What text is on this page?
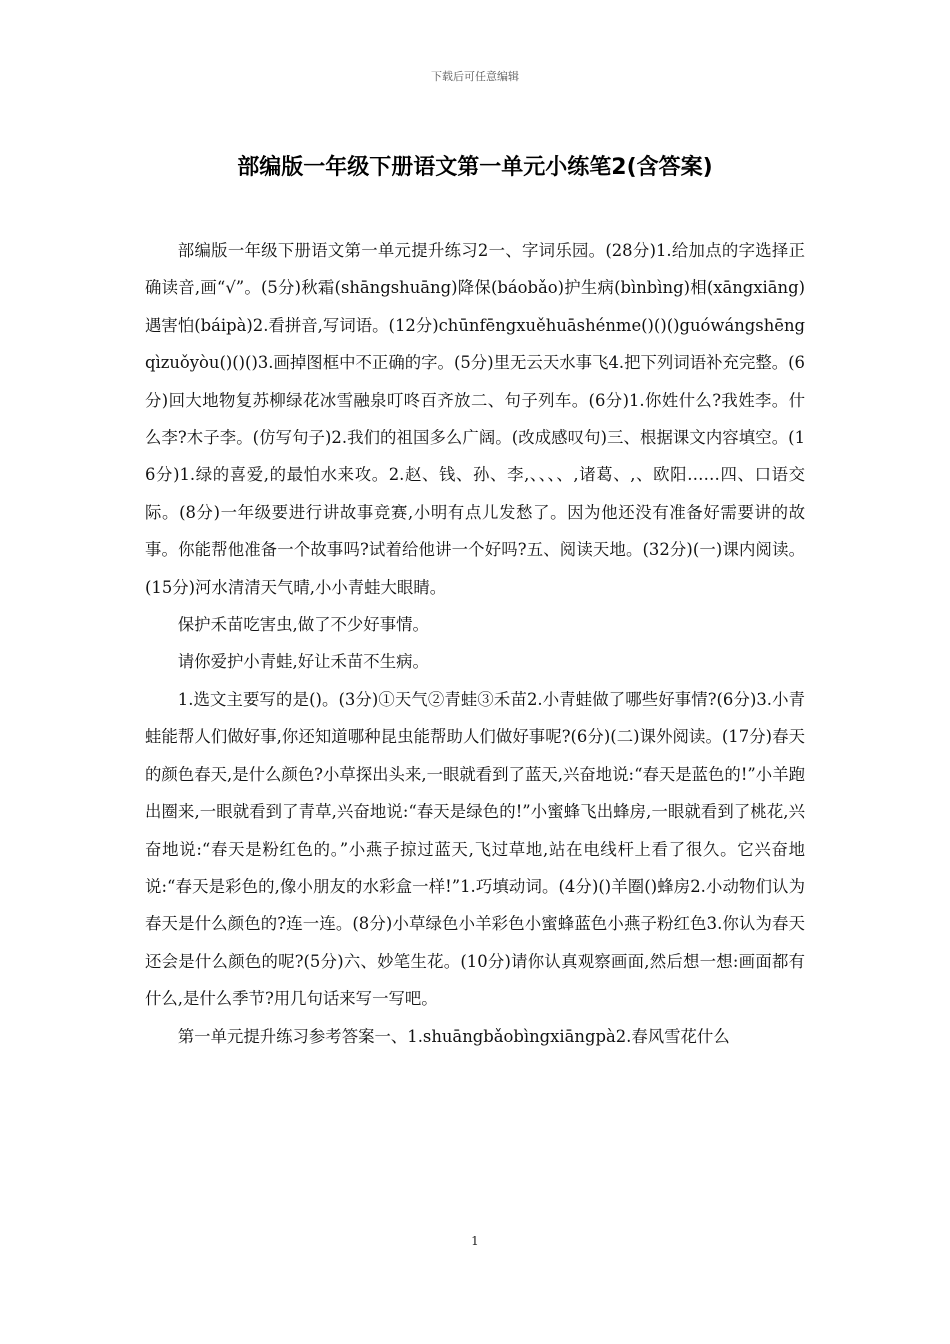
下载后可任意编辑
部编版一年级下册语文第一单元小练笔2(含答案)

部编版一年级下册语文第一单元提升练习2一、字词乐园。(28分)1.给加点的字选择正确读音,画“√”。(5分)秋霜(shāngshuāng)降保(báobǎo)护生病(bìnbìng)相(xāngxiāng)遇害怕(báipà)2.看拼音,写词语。(12分)chūnfēngxuěhuāshénme()()()guówángshēngqìzuǒyòu()()()3.画掉图框中不正确的字。(5分)里无云天水事飞4.把下列词语补充完整。(6分)回大地物复苏柳绿花冰雪融泉叮咚百齐放二、句子列车。(6分)1.你姓什么?我姓李。什么李?木子李。(仿写句子)2.我们的祖国多么广阔。(改成感叹句)三、根据课文内容填空。(16分)1.绿的喜爱,的最怕水来攻。2.赵、钱、孙、李,、、、、,诸葛、,、欧阳……四、口语交际。(8分)一年级要进行讲故事竞赛,小明有点儿发愁了。因为他还没有准备好需要讲的故事。你能帮他准备一个故事吗?试着给他讲一个好吗?五、阅读天地。(32分)(一)课内阅读。(15分)河水清清天气晴,小小青蛙大眼睛。

保护禾苗吃害虫,做了不少好事情。

请你爱护小青蛙,好让禾苗不生病。

1.选文主要写的是()。(3分)①天气②青蛙③禾苗2.小青蛙做了哪些好事情?(6分)3.小青蛙能帮人们做好事,你还知道哪种昆虫能帮助人们做好事呢?(6分)(二)课外阅读。(17分)春天的颜色春天,是什么颜色?小草探出头来,一眼就看到了蓝天,兴奋地说:“春天是蓝色的!”小羊跑出圈来,一眼就看到了青草,兴奋地说:“春天是绿色的!”小蜜蜂飞出蜂房,一眼就看到了桃花,兴奋地说:“春天是粉红色的。”小燕子掠过蓝天,飞过草地,站在电线杆上看了很久。它兴奋地说:“春天是彩色的,像小朋友的水彩盒一样!”1.巧填动词。(4分)()羊圈()蜂房2.小动物们认为春天是什么颜色的?连一连。(8分)小草绿色小羊彩色小蜜蜂蓝色小燕子粉红色3.你认为春天还会是什么颜色的呢?(5分)六、妙笔生花。(10分)请你认真观察画面,然后想一想:画面都有什么,是什么季节?用几句话来写一写吧。

第一单元提升练习参考答案一、1.shuāngbǎobìngxiāngpà2.春风雪花什么

1
